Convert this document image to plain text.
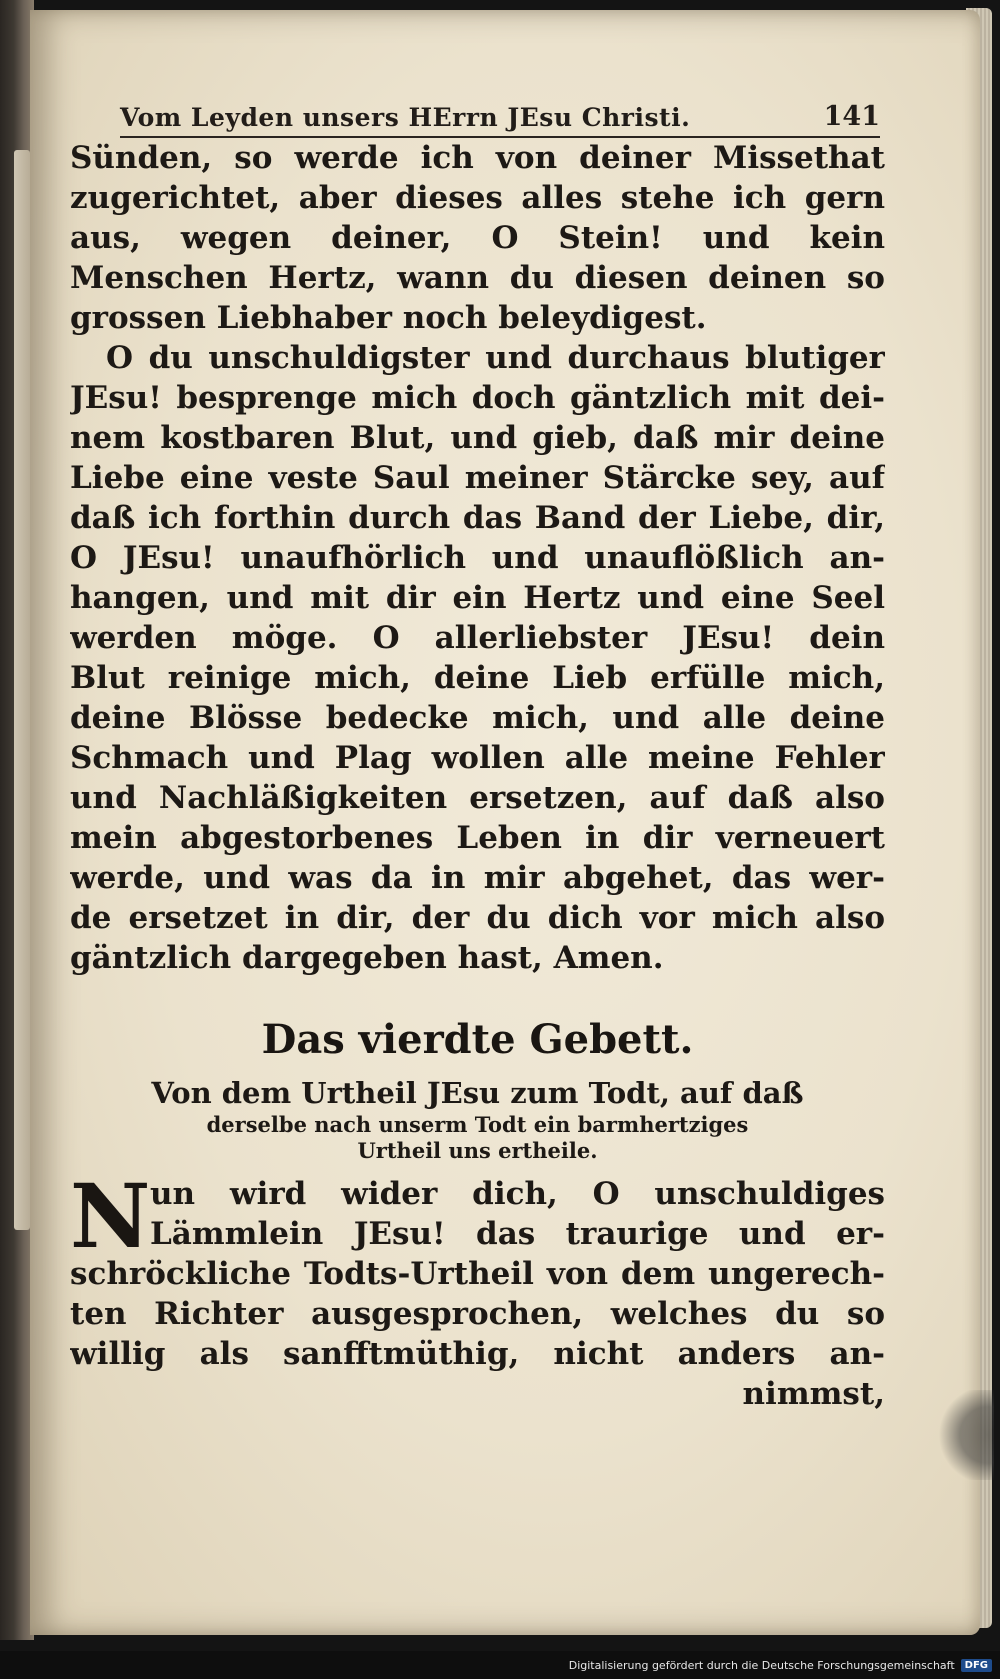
Vom Leyden unsers HErrn JEsu Christi.	141
Sünden, so werde ich von deiner Missethat
zugerichtet, aber dieses alles stehe ich gern
aus, wegen deiner, O Stein! und kein
Menschen Hertz, wann du diesen deinen so
grossen Liebhaber noch beleydigest.
O du unschuldigster und durchaus blutiger
JEsu! besprenge mich doch gäntzlich mit dei-
nem kostbaren Blut, und gieb, daß mir deine
Liebe eine veste Saul meiner Stärcke sey, auf
daß ich forthin durch das Band der Liebe, dir,
O JEsu! unaufhörlich und unauflößlich an-
hangen, und mit dir ein Hertz und eine Seel
werden möge. O allerliebster JEsu! dein
Blut reinige mich, deine Lieb erfülle mich,
deine Blösse bedecke mich, und alle deine
Schmach und Plag wollen alle meine Fehler
und Nachläßigkeiten ersetzen, auf daß also
mein abgestorbenes Leben in dir verneuert
werde, und was da in mir abgehet, das wer-
de ersetzet in dir, der du dich vor mich also
gäntzlich dargegeben hast, Amen.
Das vierdte Gebett.
Von dem Urtheil JEsu zum Todt, auf daß
derselbe nach unserm Todt ein barmhertziges
Urtheil uns ertheile.
N un wird wider dich, O unschuldiges
Lämmlein JEsu! das traurige und er-
schröckliche Todts-Urtheil von dem ungerech-
ten Richter ausgesprochen, welches du so
willig als sanfftmüthig, nicht anders an-
nimmst,
Digitalisierung gefördert durch die Deutsche Forschungsgemeinschaft	DFG
